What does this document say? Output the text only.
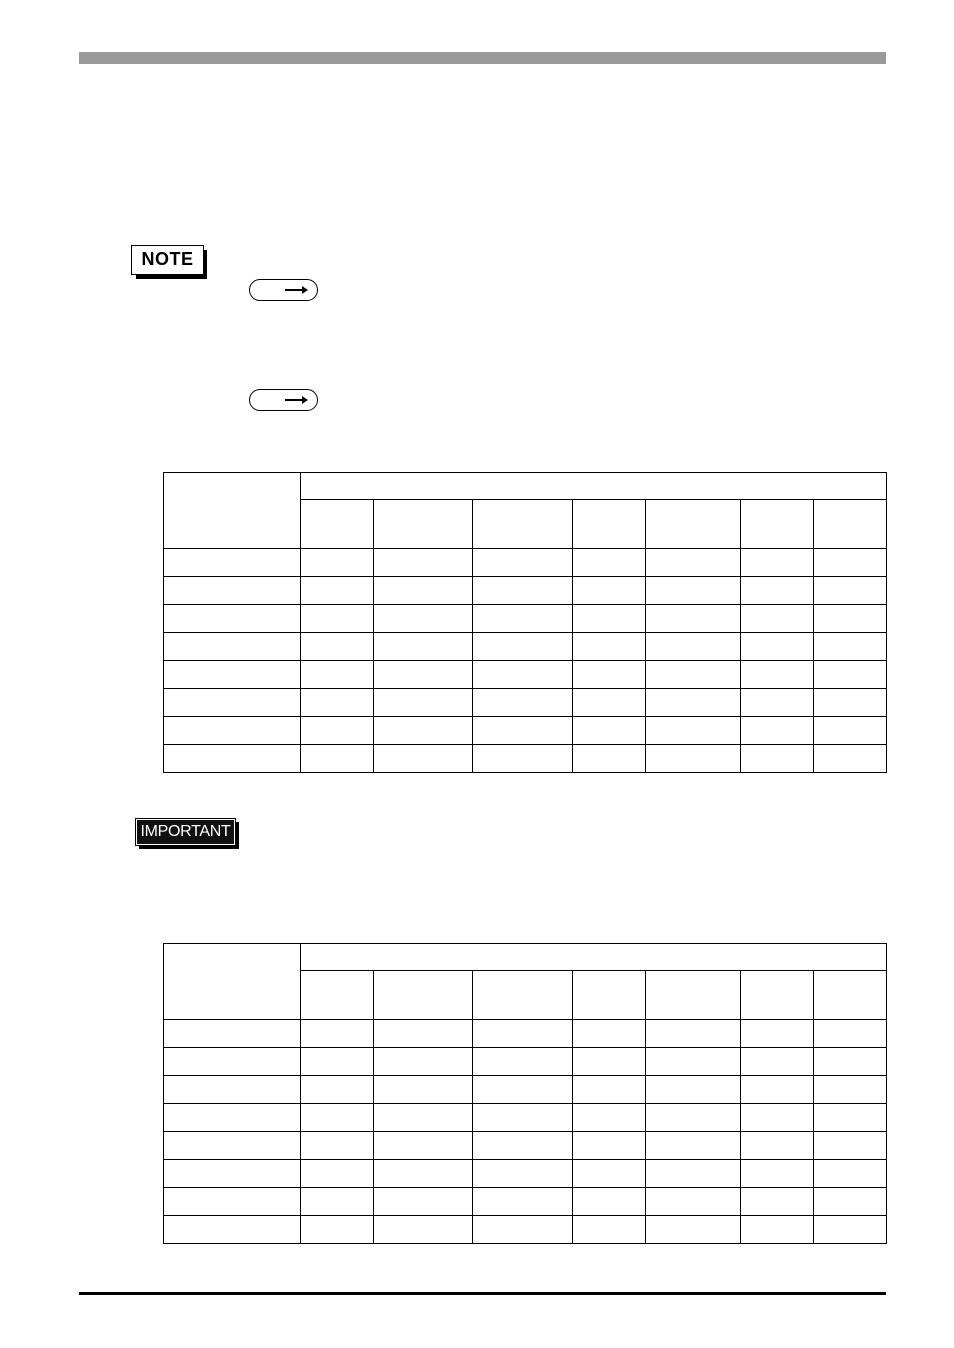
NOTE

IMPORTANT
